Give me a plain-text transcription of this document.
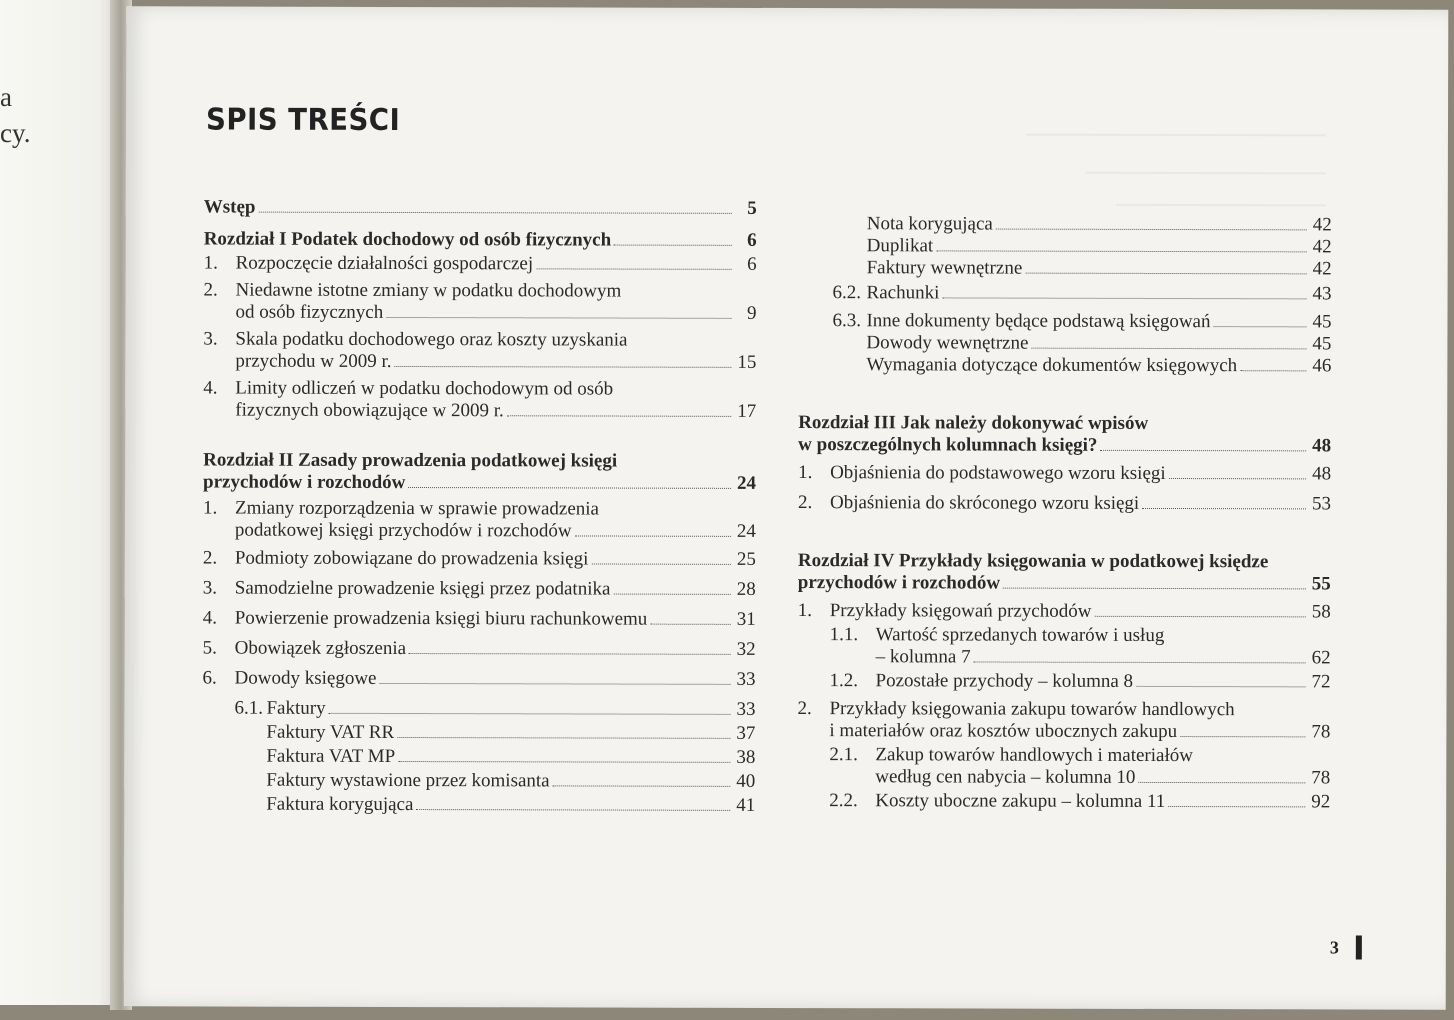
a
cy.	SPIS TREŚCI
Wstęp	5
Rozdział I Podatek dochodowy od osób fizycznych	6
1. Rozpoczęcie działalności gospodarczej	6
2. Niedawne istotne zmiany w podatku dochodowym
od osób fizycznych	9
3. Skala podatku dochodowego oraz koszty uzyskania
przychodu w 2009 r.	15
4. Limity odliczeń w podatku dochodowym od osób
fizycznych obowiązujące w 2009 r.	17
Rozdział II Zasady prowadzenia podatkowej księgi
przychodów i rozchodów	24
1. Zmiany rozporządzenia w sprawie prowadzenia
podatkowej księgi przychodów i rozchodów	24
2. Podmioty zobowiązane do prowadzenia księgi	25
3. Samodzielne prowadzenie księgi przez podatnika	28
4. Powierzenie prowadzenia księgi biuru rachunkowemu	31
5. Obowiązek zgłoszenia	32
6. Dowody księgowe	33
6.1. Faktury	33
Faktury VAT RR	37
Faktura VAT MP	38
Faktury wystawione przez komisanta	40
Faktura korygująca	41
Nota korygująca	42
Duplikat	42
Faktury wewnętrzne	42
6.2. Rachunki	43
6.3. Inne dokumenty będące podstawą księgowań	45
Dowody wewnętrzne	45
Wymagania dotyczące dokumentów księgowych	46
Rozdział III Jak należy dokonywać wpisów
w poszczególnych kolumnach księgi?	48
1. Objaśnienia do podstawowego wzoru księgi	48
2. Objaśnienia do skróconego wzoru księgi	53
Rozdział IV Przykłady księgowania w podatkowej księdze
przychodów i rozchodów	55
1. Przykłady księgowań przychodów	58
1.1. Wartość sprzedanych towarów i usług
– kolumna 7	62
1.2. Pozostałe przychody – kolumna 8	72
2. Przykłady księgowania zakupu towarów handlowych
i materiałów oraz kosztów ubocznych zakupu	78
2.1. Zakup towarów handlowych i materiałów
według cen nabycia – kolumna 10	78
2.2. Koszty uboczne zakupu – kolumna 11	92
3
